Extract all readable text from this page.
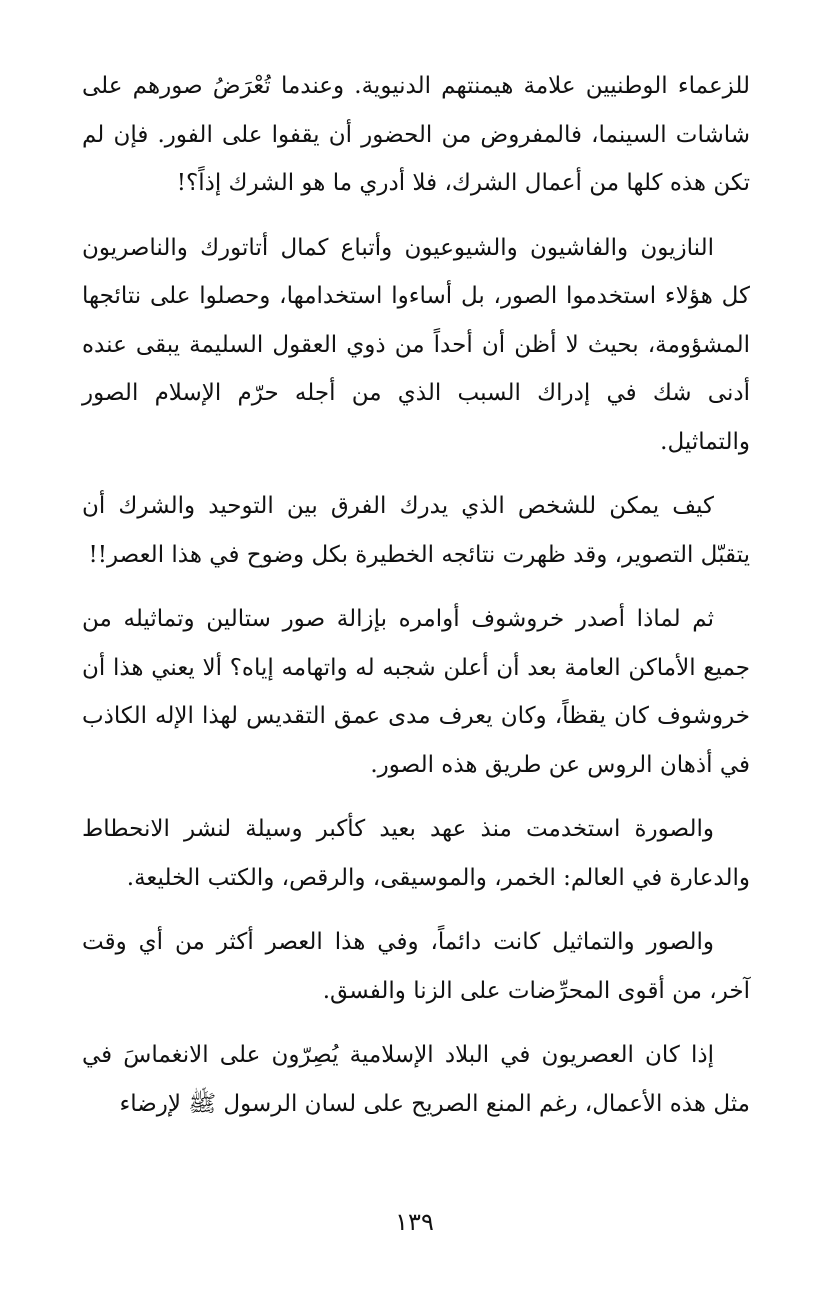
للزعماء الوطنيين علامة هيمنتهم الدنيوية. وعندما تُعْرَضُ صورهم على شاشات السينما، فالمفروض من الحضور أن يقفوا على الفور. فإن لم تكن هذه كلها من أعمال الشرك، فلا أدري ما هو الشرك إذاً؟!

النازيون والفاشيون والشيوعيون وأتباع كمال أتاتورك والناصريون كل هؤلاء استخدموا الصور، بل أساءوا استخدامها، وحصلوا على نتائجها المشؤومة، بحيث لا أظن أن أحداً من ذوي العقول السليمة يبقى عنده أدنى شك في إدراك السبب الذي من أجله حرّم الإسلام الصور والتماثيل.

كيف يمكن للشخص الذي يدرك الفرق بين التوحيد والشرك أن يتقبّل التصوير، وقد ظهرت نتائجه الخطيرة بكل وضوح في هذا العصر!!

ثم لماذا أصدر خروشوف أوامره بإزالة صور ستالين وتماثيله من جميع الأماكن العامة بعد أن أعلن شجبه له واتهامه إياه؟ ألا يعني هذا أن خروشوف كان يقظاً، وكان يعرف مدى عمق التقديس لهذا الإله الكاذب في أذهان الروس عن طريق هذه الصور.

والصورة استخدمت منذ عهد بعيد كأكبر وسيلة لنشر الانحطاط والدعارة في العالم: الخمر، والموسيقى، والرقص، والكتب الخليعة.

والصور والتماثيل كانت دائماً، وفي هذا العصر أكثر من أي وقت آخر، من أقوى المحرِّضات على الزنا والفسق.

إذا كان العصريون في البلاد الإسلامية يُصِرّون على الانغماسَ في مثل هذه الأعمال، رغم المنع الصريح على لسان الرسول ﷺ لإرضاء

١٣٩
